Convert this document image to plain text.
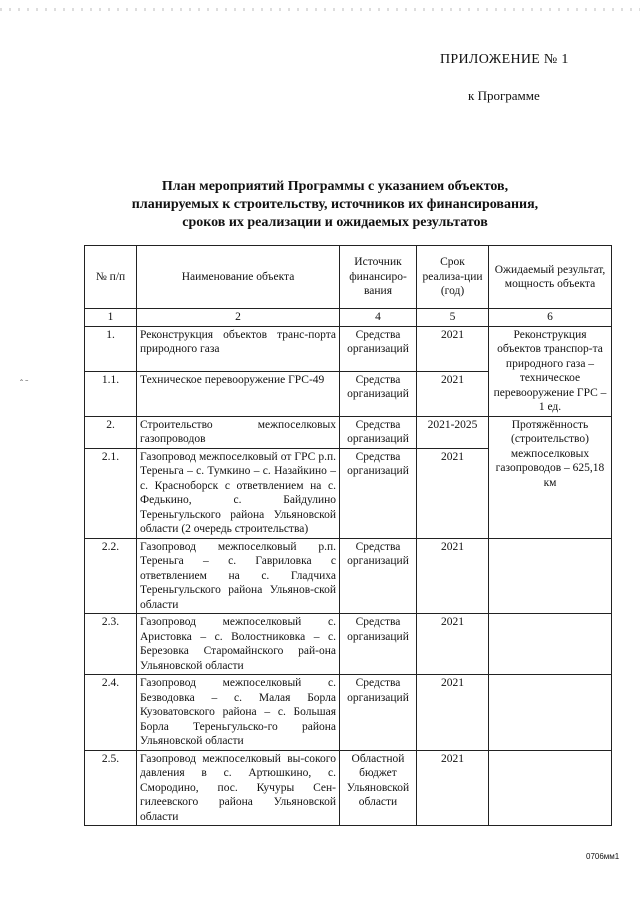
ПРИЛОЖЕНИЕ № 1
к Программе
План мероприятий Программы с указанием объектов,
планируемых к строительству, источников их финансирования,
сроков их реализации и ожидаемых результатов
ˆ ˉ
№ п/п	Наименование объекта	Источник финансиро-вания	Срок реализа-ции (год)	Ожидаемый результат, мощность объекта
1	2	4	5	6
1.	Реконструкция объектов транс-порта природного газа	Средства организаций	2021	Реконструкция объектов транспор-та природного газа – техническое перевооружение ГРС – 1 ед.
1.1.	Техническое перевооружение ГРС-49	Средства организаций	2021	
2.	Строительство межпоселковых газопроводов	Средства организаций	2021-2025	Протяжённость (строительство) межпоселковых газопроводов – 625,18 км
2.1.	Газопровод межпоселковый от ГРС р.п. Тереньга – с. Тумкино – с. Назайкино – с. Красноборск с ответвлением на с. Федькино, с. Байдулино Тереньгульского района Ульяновской области (2 очередь строительства)	Средства организаций	2021	
2.2.	Газопровод межпоселковый р.п. Тереньга – с. Гавриловка с ответвлением на с. Гладчиха Тереньгульского района Ульянов-ской области	Средства организаций	2021	
2.3.	Газопровод межпоселковый с. Аристовка – с. Волостниковка – с. Березовка Старомайнского рай-она Ульяновской области	Средства организаций	2021	
2.4.	Газопровод межпоселковый с. Безводовка – с. Малая Борла Кузоватовского района – с. Большая Борла Тереньгульско-го района Ульяновской области	Средства организаций	2021	
2.5.	Газопровод межпоселковый вы-сокого давления в с. Артюшкино, с. Смородино, пос. Кучуры Сен-гилеевского района Ульяновской области	Областной бюджет Ульяновской области	2021	
0706мм1
